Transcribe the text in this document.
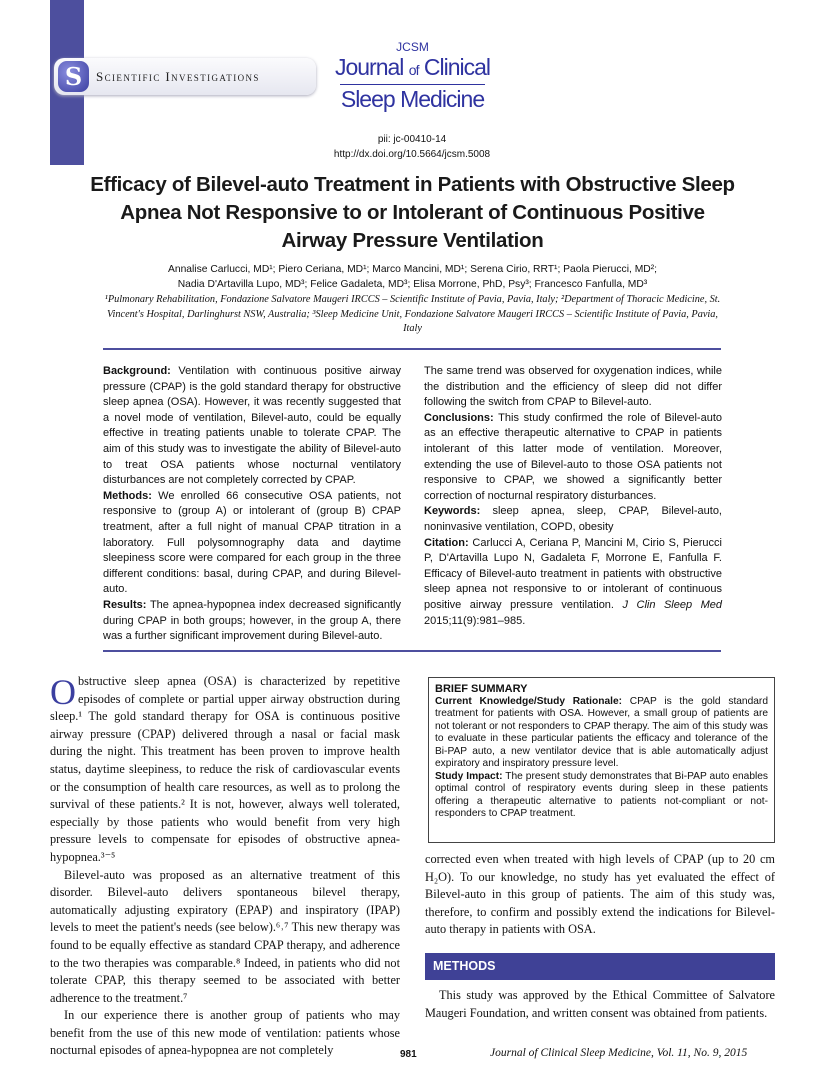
S	Scientific Investigations
JCSM
Journal of Clinical
Sleep Medicine
pii: jc-00410-14
http://dx.doi.org/10.5664/jcsm.5008
Efficacy of Bilevel-auto Treatment in Patients with Obstructive Sleep Apnea Not Responsive to or Intolerant of Continuous Positive Airway Pressure Ventilation
Annalise Carlucci, MD¹; Piero Ceriana, MD¹; Marco Mancini, MD¹; Serena Cirio, RRT¹; Paola Pierucci, MD²;
Nadia D'Artavilla Lupo, MD³; Felice Gadaleta, MD³; Elisa Morrone, PhD, Psy³; Francesco Fanfulla, MD³
¹Pulmonary Rehabilitation, Fondazione Salvatore Maugeri IRCCS – Scientific Institute of Pavia, Pavia, Italy; ²Department of Thoracic Medicine, St. Vincent's Hospital, Darlinghurst NSW, Australia; ³Sleep Medicine Unit, Fondazione Salvatore Maugeri IRCCS – Scientific Institute of Pavia, Pavia, Italy
Background: Ventilation with continuous positive airway pressure (CPAP) is the gold standard therapy for obstructive sleep apnea (OSA). However, it was recently suggested that a novel mode of ventilation, Bilevel-auto, could be equally effective in treating patients unable to tolerate CPAP. The aim of this study was to investigate the ability of Bilevel-auto to treat OSA patients whose nocturnal ventilatory disturbances are not completely corrected by CPAP.
Methods: We enrolled 66 consecutive OSA patients, not responsive to (group A) or intolerant of (group B) CPAP treatment, after a full night of manual CPAP titration in a laboratory. Full polysomnography data and daytime sleepiness score were compared for each group in the three different conditions: basal, during CPAP, and during Bilevel-auto.
Results: The apnea-hypopnea index decreased significantly during CPAP in both groups; however, in the group A, there was a further significant improvement during Bilevel-auto.
The same trend was observed for oxygenation indices, while the distribution and the efficiency of sleep did not differ following the switch from CPAP to Bilevel-auto.
Conclusions: This study confirmed the role of Bilevel-auto as an effective therapeutic alternative to CPAP in patients intolerant of this latter mode of ventilation. Moreover, extending the use of Bilevel-auto to those OSA patients not responsive to CPAP, we showed a significantly better correction of nocturnal respiratory disturbances.
Keywords: sleep apnea, sleep, CPAP, Bilevel-auto, noninvasive ventilation, COPD, obesity
Citation: Carlucci A, Ceriana P, Mancini M, Cirio S, Pierucci P, D'Artavilla Lupo N, Gadaleta F, Morrone E, Fanfulla F. Efficacy of Bilevel-auto treatment in patients with obstructive sleep apnea not responsive to or intolerant of continuous positive airway pressure ventilation. J Clin Sleep Med 2015;11(9):981–985.

Obstructive sleep apnea (OSA) is characterized by repetitive episodes of complete or partial upper airway obstruction during sleep.¹ The gold standard therapy for OSA is continuous positive airway pressure (CPAP) delivered through a nasal or facial mask during the night. This treatment has been proven to improve health status, daytime sleepiness, to reduce the risk of cardiovascular events or the consumption of health care resources, as well as to prolong the survival of these patients.² It is not, however, always well tolerated, especially by those patients who would benefit from very high pressure levels to compensate for episodes of obstructive apnea-hypopnea.³⁻⁵

Bilevel-auto was proposed as an alternative treatment of this disorder. Bilevel-auto delivers spontaneous bilevel therapy, automatically adjusting expiratory (EPAP) and inspiratory (IPAP) levels to meet the patient's needs (see below).⁶˒⁷ This new therapy was found to be equally effective as standard CPAP therapy, and adherence to the two therapies was comparable.⁸ Indeed, in patients who did not tolerate CPAP, this therapy seemed to be associated with better adherence to the treatment.⁷

In our experience there is another group of patients who may benefit from the use of this new mode of ventilation: patients whose nocturnal episodes of apnea-hypopnea are not completely

BRIEF SUMMARY
Current Knowledge/Study Rationale: CPAP is the gold standard treatment for patients with OSA. However, a small group of patients are not tolerant or not responders to CPAP therapy. The aim of this study was to evaluate in these particular patients the efficacy and tolerance of the Bi-PAP auto, a new ventilator device that is able automatically adjust expiratory and inspiratory pressure level.
Study Impact: The present study demonstrates that Bi-PAP auto enables optimal control of respiratory events during sleep in these patients offering a therapeutic alternative to patients not-compliant or not-responders to CPAP treatment.

corrected even when treated with high levels of CPAP (up to 20 cm H₂O). To our knowledge, no study has yet evaluated the effect of Bilevel-auto in this group of patients. The aim of this study was, therefore, to confirm and possibly extend the indications for Bilevel-auto therapy in patients with OSA.

METHODS

This study was approved by the Ethical Committee of Salvatore Maugeri Foundation, and written consent was obtained from patients.

981	Journal of Clinical Sleep Medicine, Vol. 11, No. 9, 2015
